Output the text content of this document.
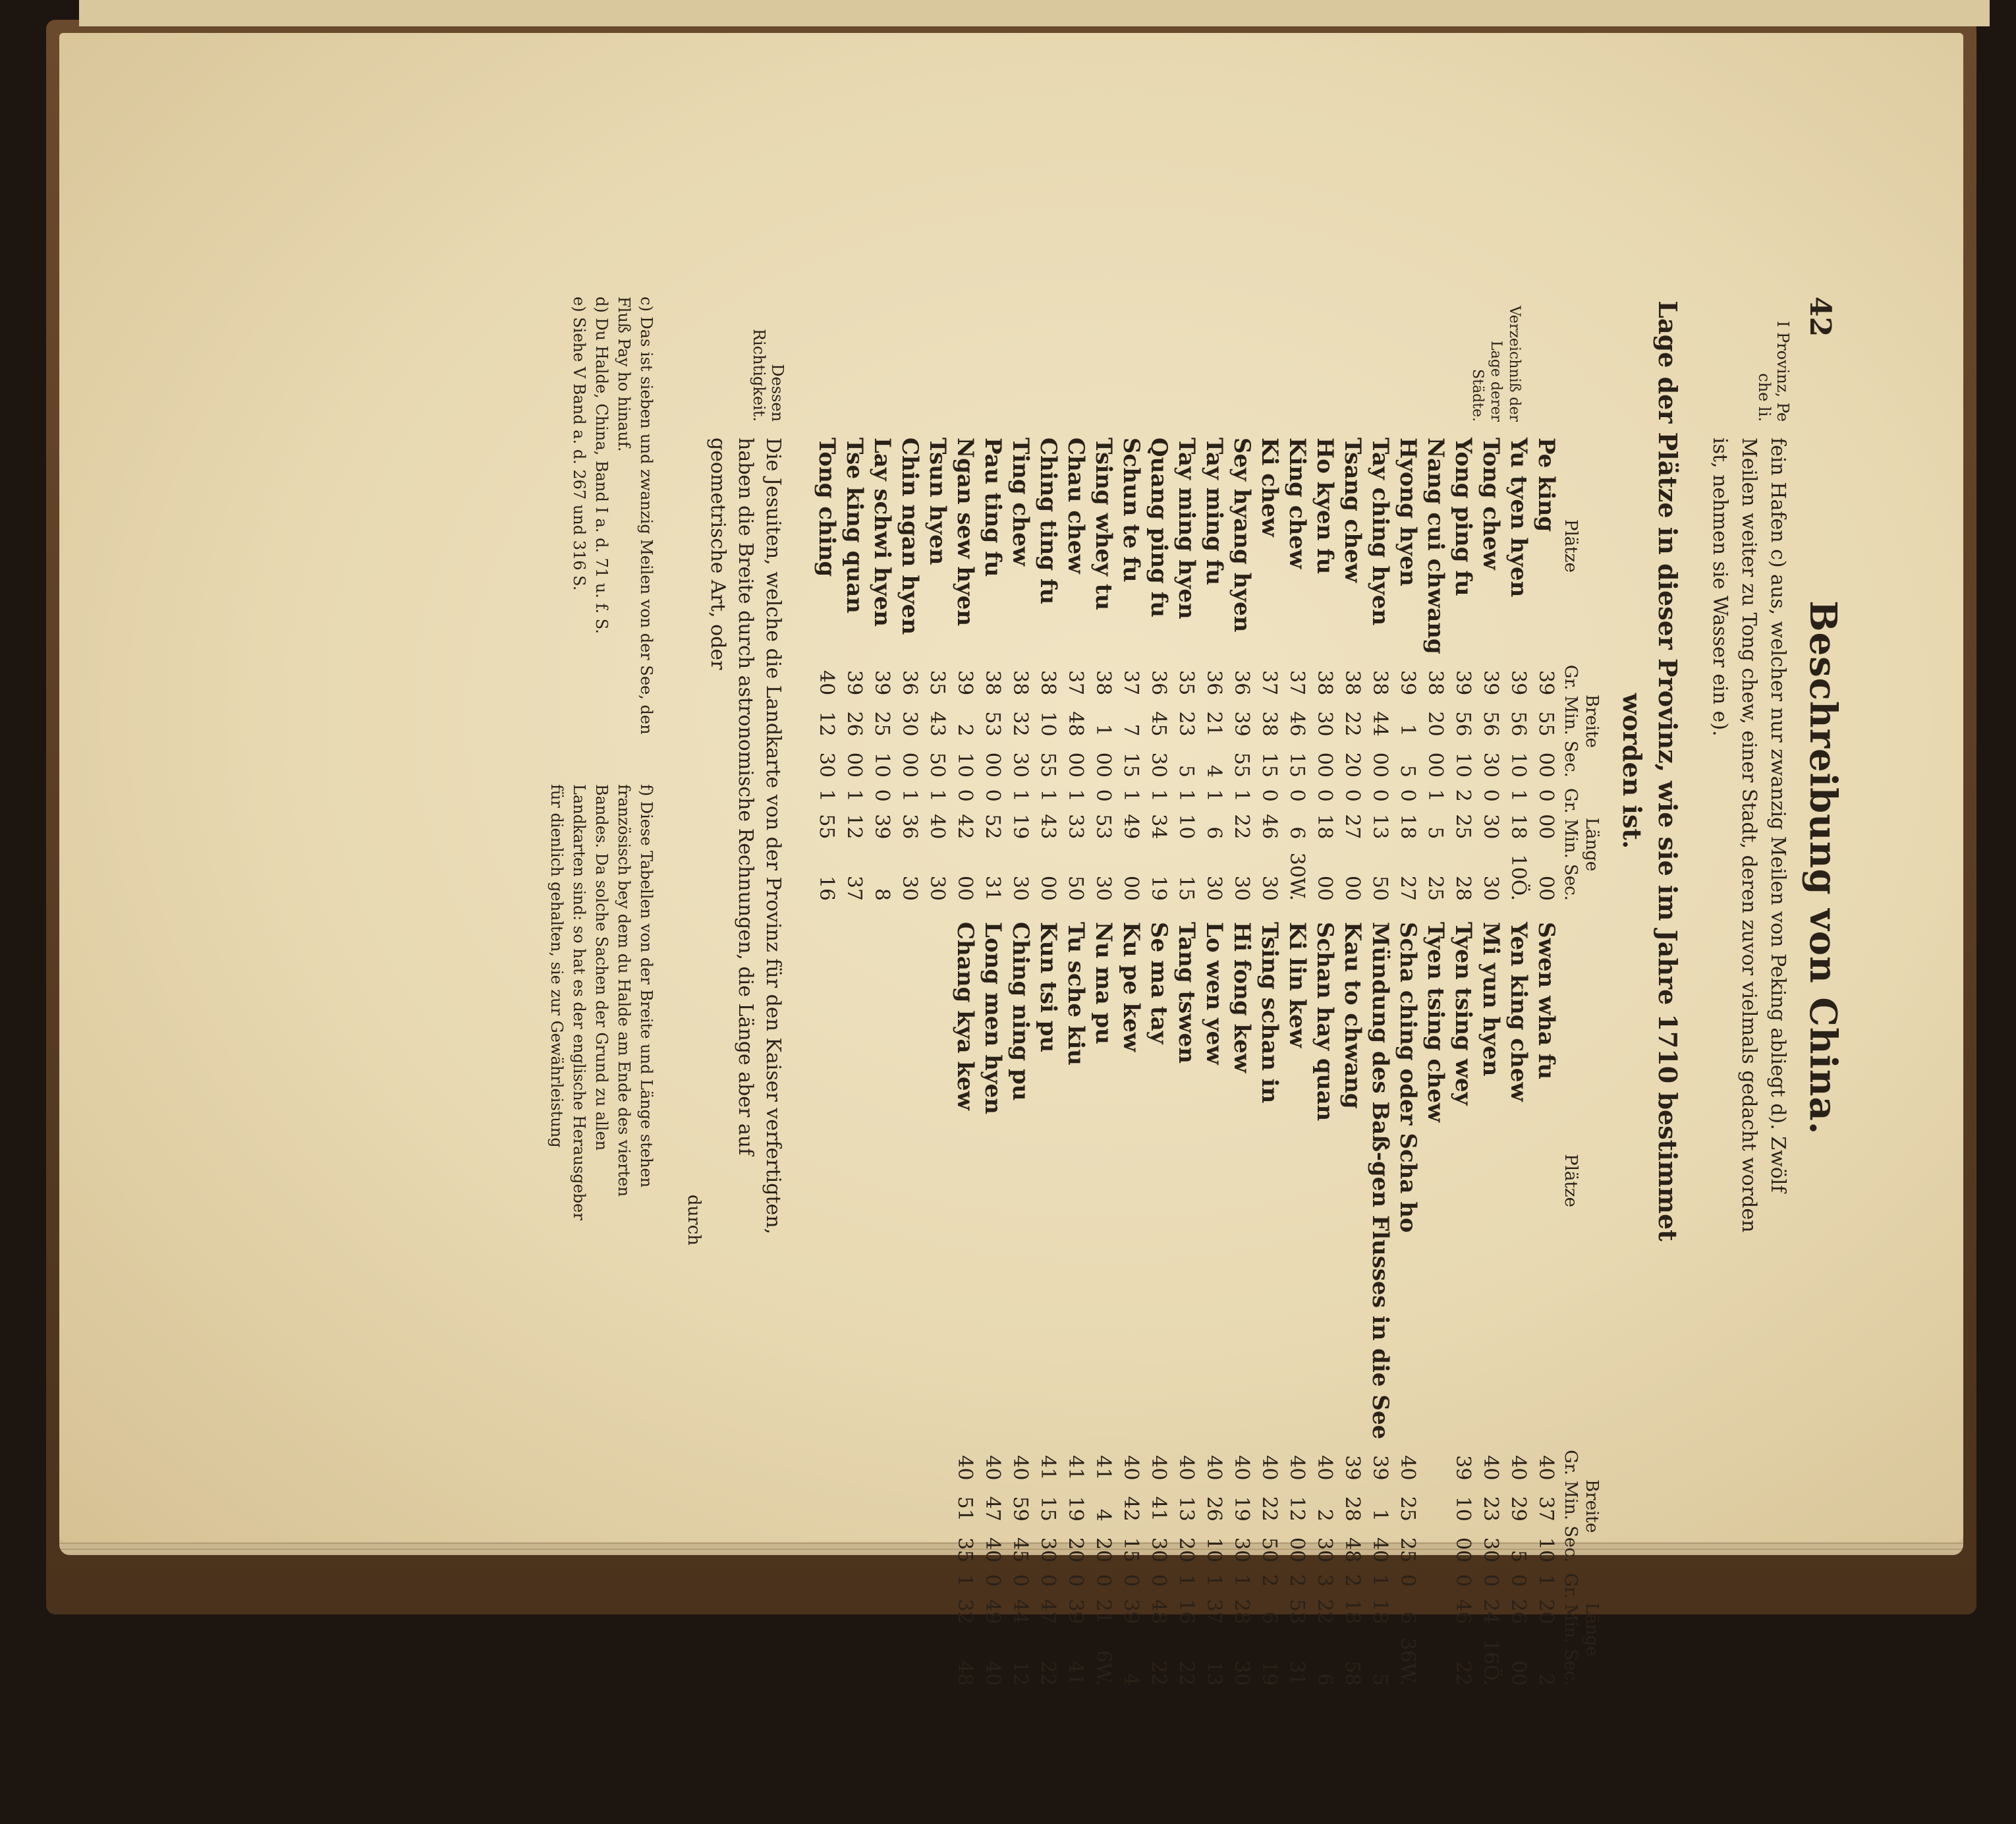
42
Beschreibung von China.
I Provinz, Pe che li.
fein Hafen c) aus, welcher nur zwanzig Meilen von Peking abliegt d). Zwölf Meilen weiter zu Tong chew, einer Stadt, deren zuvor vielmals gedacht worden ist, nehmen sie Wasser ein e).
Lage der Plätze in dieser Provinz, wie sie im Jahre 1710 bestimmet worden ist.
Verzeichniß der Lage derer Städte.
Plätze	Breite			Länge				Plätze	Breite			Länge		
	Gr. Min. Sec.			Gr. Min. Sec.					Gr. Min. Sec.			Gr. Min. Sec.		
Pe king	39	55	00	0	00	00		Swen wha fu	40	37	10	1	20	2
Yu tyen hyen	39	56	10	1	18	10Ö.		Yen king chew	40	29	5	0	26	00
Tong chew	39	56	30	0	30	30		Mi yun hyen	40	23	30	0	24	16Ö.
Yong ping fu	39	56	10	2	25	28		Tyen tsing wey	39	10	00	0	46	22
Nang cui chwang	38	20	00	1	5	25		Tyen tsing chew						
Hyong hyen	39	1	5	0	18	27		Scha ching oder Scha ho	40	25	25	0	6	36W.
Tay ching hyen	38	44	00	0	13	50		Mündung des Baß-gen Flusses in die See	39	1	40	1	18	5
Tsang chew	38	22	20	0	27	00		Kau to chwang	39	28	48	2	18	58
Ho kyen fu	38	30	00	0	18	00		Schan hay quan	40	2	30	3	22	6
King chew	37	46	15	0	6	30W.		Ki lin kew	40	12	00	2	53	31
Ki chew	37	38	15	0	46	30		Tsing schan in	40	22	50	2	6	19
Sey hyang hyen	36	39	55	1	22	30		Hi fong kew	40	19	30	1	28	30
Tay ming fu	36	21	4	1	6	30		Lo wen yew	40	26	10	1	37	13
Tay ming hyen	35	23	5	1	10	15		Tang tswen	40	13	20	1	16	22
Quang ping fu	36	45	30	1	34	19		Se ma tay	40	41	30	0	48	22
Schun te fu	37	7	15	1	49	00		Ku pe kew	40	42	15	0	39	4
Tsing whey tu	38	1	00	0	53	30		Nu ma pu	41	4	20	0	21	6W.
Chau chew	37	48	00	1	33	50		Tu sche kiu	41	19	20	0	39	41
Ching ting fu	38	10	55	1	43	00		Kun tsi pu	41	15	30	0	47	22
Ting chew	38	32	30	1	19	30		Ching ning pu	40	59	45	0	44	12
Pau ting fu	38	53	00	0	52	31		Long men hyen	40	47	40	0	49	40
Ngan sew hyen	39	2	10	0	42	00		Chang kya kew	40	51	35	1	32	48
Tsun hyen	35	43	50	1	40	30								
Chin ngan hyen	36	30	00	1	36	30								
Lay schwi hyen	39	25	10	0	39	8								
Tse king quan	39	26	00	1	12	37								
Tong ching	40	12	30	1	55	16								
Dessen Richtigkeit.
Die Jesuiten, welche die Landkarte von der Provinz für den Kaiser verfertigten, haben die Breite durch astronomische Rechnungen, die Länge aber auf geometrische Art, oder
durch
c) Das ist sieben und zwanzig Meilen von der See, den Fluß Pay ho hinauf.
d) Du Halde, China, Band I a. d. 71 u. f. S.
e) Siehe V Band a. d. 267 und 316 S.
f) Diese Tabellen von der Breite und Länge stehen französisch bey dem du Halde am Ende des vierten Bandes. Da solche Sachen der Grund zu allen Landkarten sind: so hat es der englische Herausgeber für dienlich gehalten, sie zur Gewährleistung
